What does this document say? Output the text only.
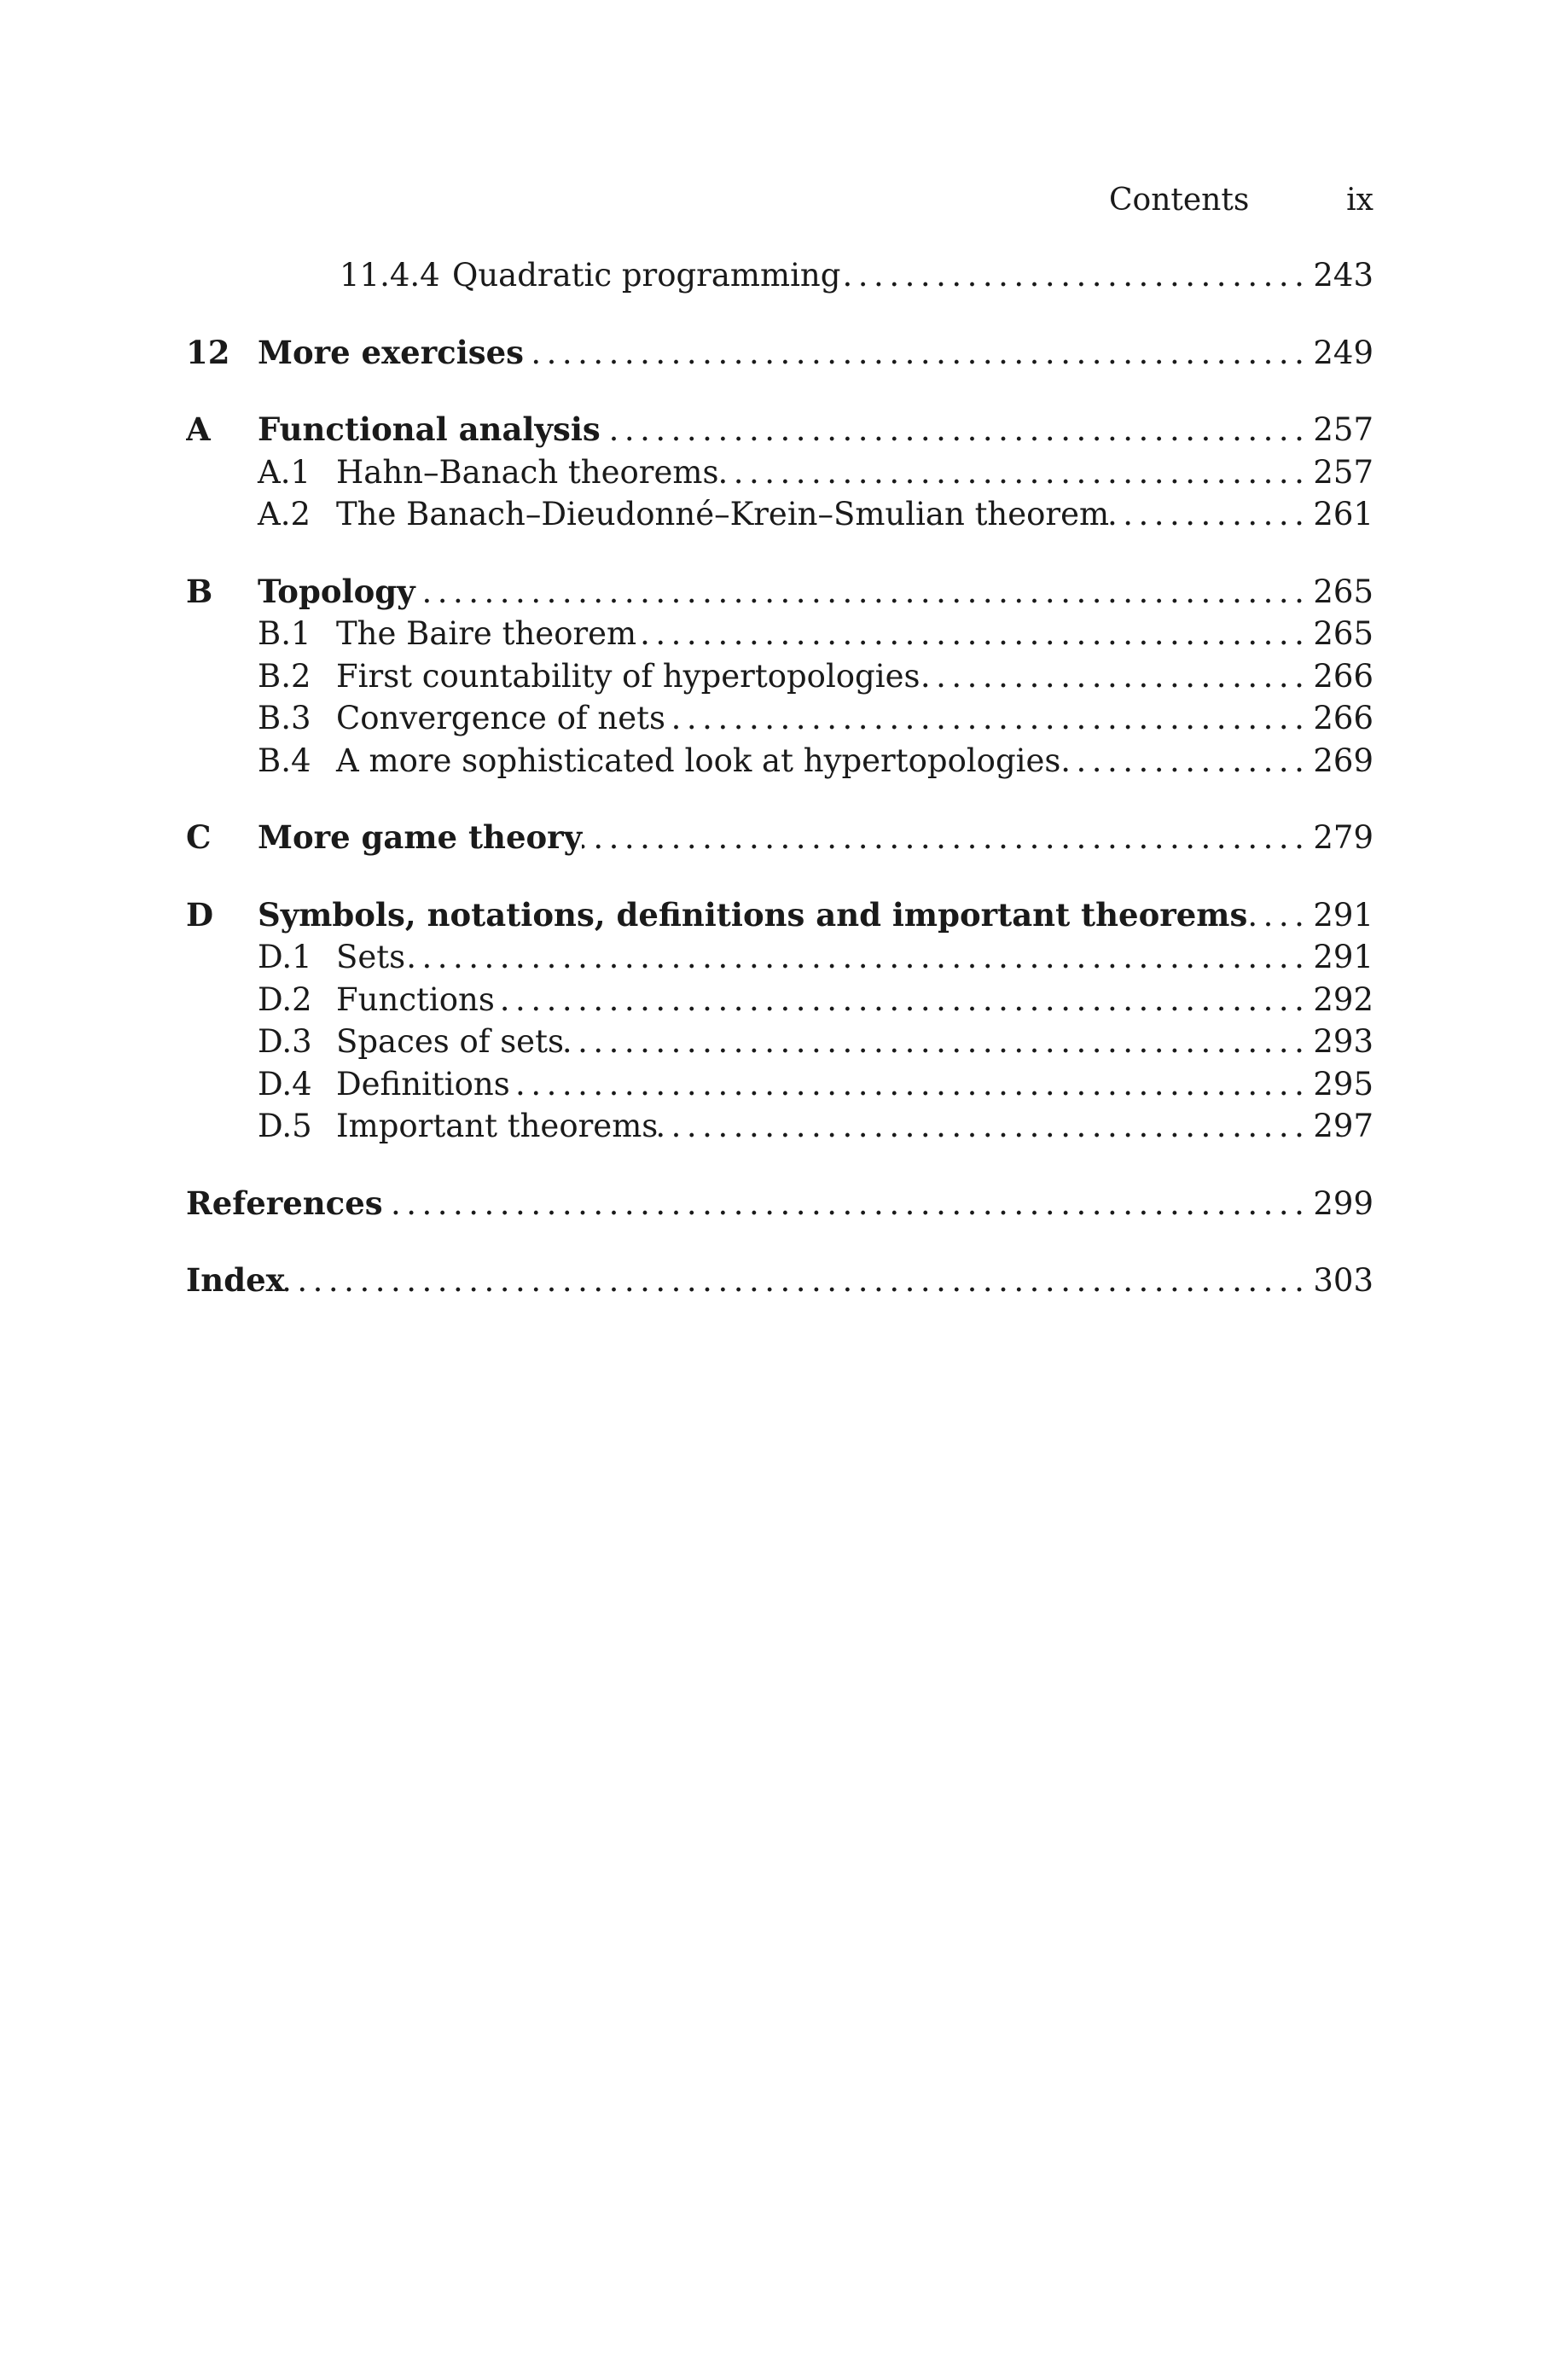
Contents	ix
11.4.4 Quadratic programming .....	243
12 More exercises .....	249
A	Functional analysis .....	257
A.1 Hahn–Banach theorems .....	257
A.2 The Banach–Dieudonné–Krein–Smulian theorem .....	261
B	Topology .....	265
B.1 The Baire theorem .....	265
B.2 First countability of hypertopologies .....	266
B.3 Convergence of nets .....	266
B.4 A more sophisticated look at hypertopologies .....	269
C	More game theory .....	279
D	Symbols, notations, definitions and important theorems ..... 291
D.1 Sets .....	291
D.2 Functions .....	292
D.3 Spaces of sets .....	293
D.4 Definitions .....	295
D.5 Important theorems .....	297
References .....	299
Index .....	303
